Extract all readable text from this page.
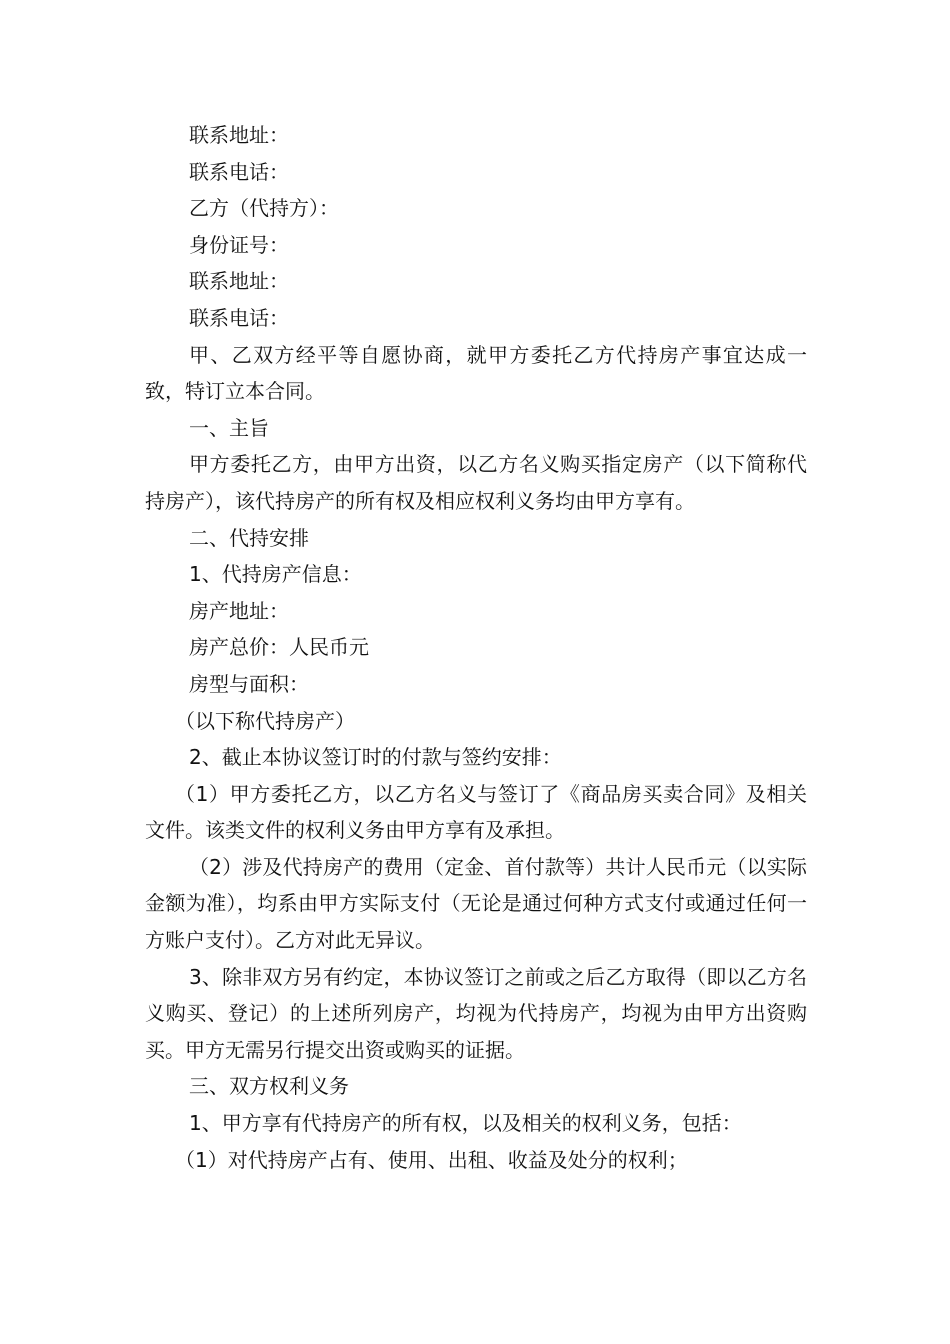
联系地址：

联系电话：

乙方（代持方）：

身份证号：

联系地址：

联系电话：

甲、乙双方经平等自愿协商，就甲方委托乙方代持房产事宜达成一致，特订立本合同。

一、主旨

甲方委托乙方，由甲方出资，以乙方名义购买指定房产（以下简称代持房产），该代持房产的所有权及相应权利义务均由甲方享有。

二、代持安排

1、代持房产信息：

房产地址：

房产总价：人民币元

房型与面积：

（以下称代持房产）

2、截止本协议签订时的付款与签约安排：

（1）甲方委托乙方，以乙方名义与签订了《商品房买卖合同》及相关文件。该类文件的权利义务由甲方享有及承担。

（2）涉及代持房产的费用（定金、首付款等）共计人民币元（以实际金额为准），均系由甲方实际支付（无论是通过何种方式支付或通过任何一方账户支付）。乙方对此无异议。

3、除非双方另有约定，本协议签订之前或之后乙方取得（即以乙方名义购买、登记）的上述所列房产，均视为代持房产，均视为由甲方出资购买。甲方无需另行提交出资或购买的证据。

三、双方权利义务

1、甲方享有代持房产的所有权，以及相关的权利义务，包括：

（1）对代持房产占有、使用、出租、收益及处分的权利；
